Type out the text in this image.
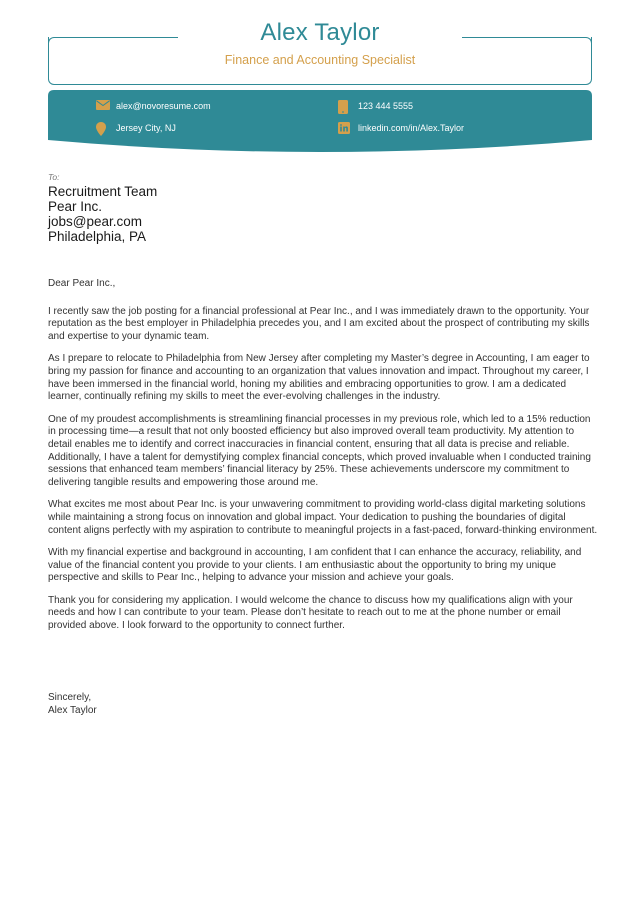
Alex Taylor
Finance and Accounting Specialist
alex@novoresume.com	123 444 5555
Jersey City, NJ	linkedin.com/in/Alex.Taylor
To:
Recruitment Team
Pear Inc.
jobs@pear.com
Philadelphia, PA

Dear Pear Inc.,

I recently saw the job posting for a financial professional at Pear Inc., and I was immediately drawn to the opportunity. Your reputation as the best employer in Philadelphia precedes you, and I am excited about the prospect of contributing my skills and expertise to your dynamic team.

As I prepare to relocate to Philadelphia from New Jersey after completing my Master’s degree in Accounting, I am eager to bring my passion for finance and accounting to an organization that values innovation and impact. Throughout my career, I have been immersed in the financial world, honing my abilities and embracing opportunities to grow. I am a dedicated learner, continually refining my skills to meet the ever-evolving challenges in the industry.

One of my proudest accomplishments is streamlining financial processes in my previous role, which led to a 15% reduction in processing time—a result that not only boosted efficiency but also improved overall team productivity. My attention to detail enables me to identify and correct inaccuracies in financial content, ensuring that all data is precise and reliable. Additionally, I have a talent for demystifying complex financial concepts, which proved invaluable when I conducted training sessions that enhanced team members’ financial literacy by 25%. These achievements underscore my commitment to delivering tangible results and empowering those around me.

What excites me most about Pear Inc. is your unwavering commitment to providing world-class digital marketing solutions while maintaining a strong focus on innovation and global impact. Your dedication to pushing the boundaries of digital content aligns perfectly with my aspiration to contribute to meaningful projects in a fast-paced, forward-thinking environment.

With my financial expertise and background in accounting, I am confident that I can enhance the accuracy, reliability, and value of the financial content you provide to your clients. I am enthusiastic about the opportunity to bring my unique perspective and skills to Pear Inc., helping to advance your mission and achieve your goals.

Thank you for considering my application. I would welcome the chance to discuss how my qualifications align with your needs and how I can contribute to your team. Please don’t hesitate to reach out to me at the phone number or email provided above. I look forward to the opportunity to connect further.

Sincerely,
Alex Taylor
